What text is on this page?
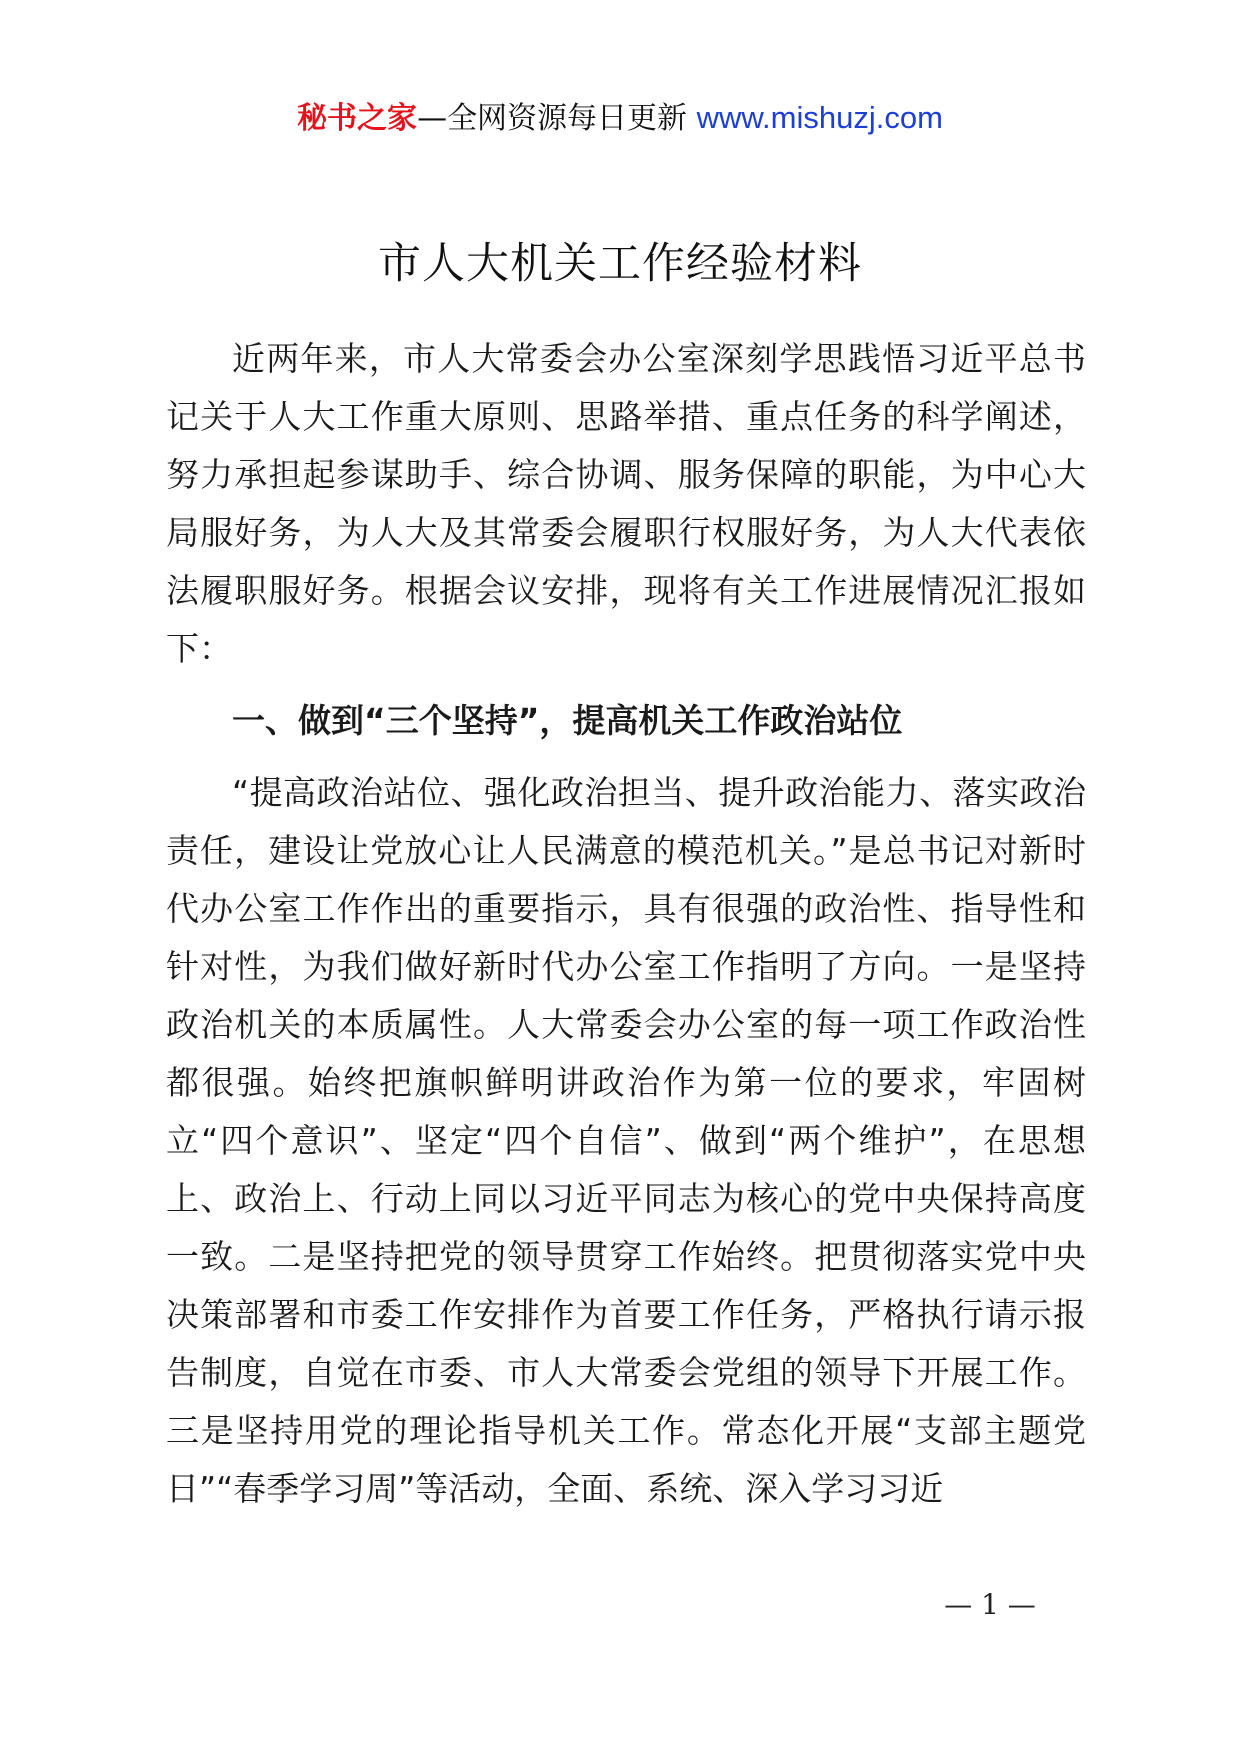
秘书之家—全网资源每日更新 www.mishuzj.com
市人大机关工作经验材料

近两年来，市人大常委会办公室深刻学思践悟习近平总书记关于人大工作重大原则、思路举措、重点任务的科学阐述，努力承担起参谋助手、综合协调、服务保障的职能，为中心大局服好务，为人大及其常委会履职行权服好务，为人大代表依法履职服好务。根据会议安排，现将有关工作进展情况汇报如下：

一、做到“三个坚持”，提高机关工作政治站位

“提高政治站位、强化政治担当、提升政治能力、落实政治责任，建设让党放心让人民满意的模范机关。”是总书记对新时代办公室工作作出的重要指示，具有很强的政治性、指导性和针对性，为我们做好新时代办公室工作指明了方向。一是坚持政治机关的本质属性。人大常委会办公室的每一项工作政治性都很强。始终把旗帜鲜明讲政治作为第一位的要求，牢固树立“四个意识”、坚定“四个自信”、做到“两个维护”，在思想上、政治上、行动上同以习近平同志为核心的党中央保持高度一致。二是坚持把党的领导贯穿工作始终。把贯彻落实党中央决策部署和市委工作安排作为首要工作任务，严格执行请示报告制度，自觉在市委、市人大常委会党组的领导下开展工作。三是坚持用党的理论指导机关工作。常态化开展“支部主题党日”“春季学习周”等活动，全面、系统、深入学习习近

— 1 —
